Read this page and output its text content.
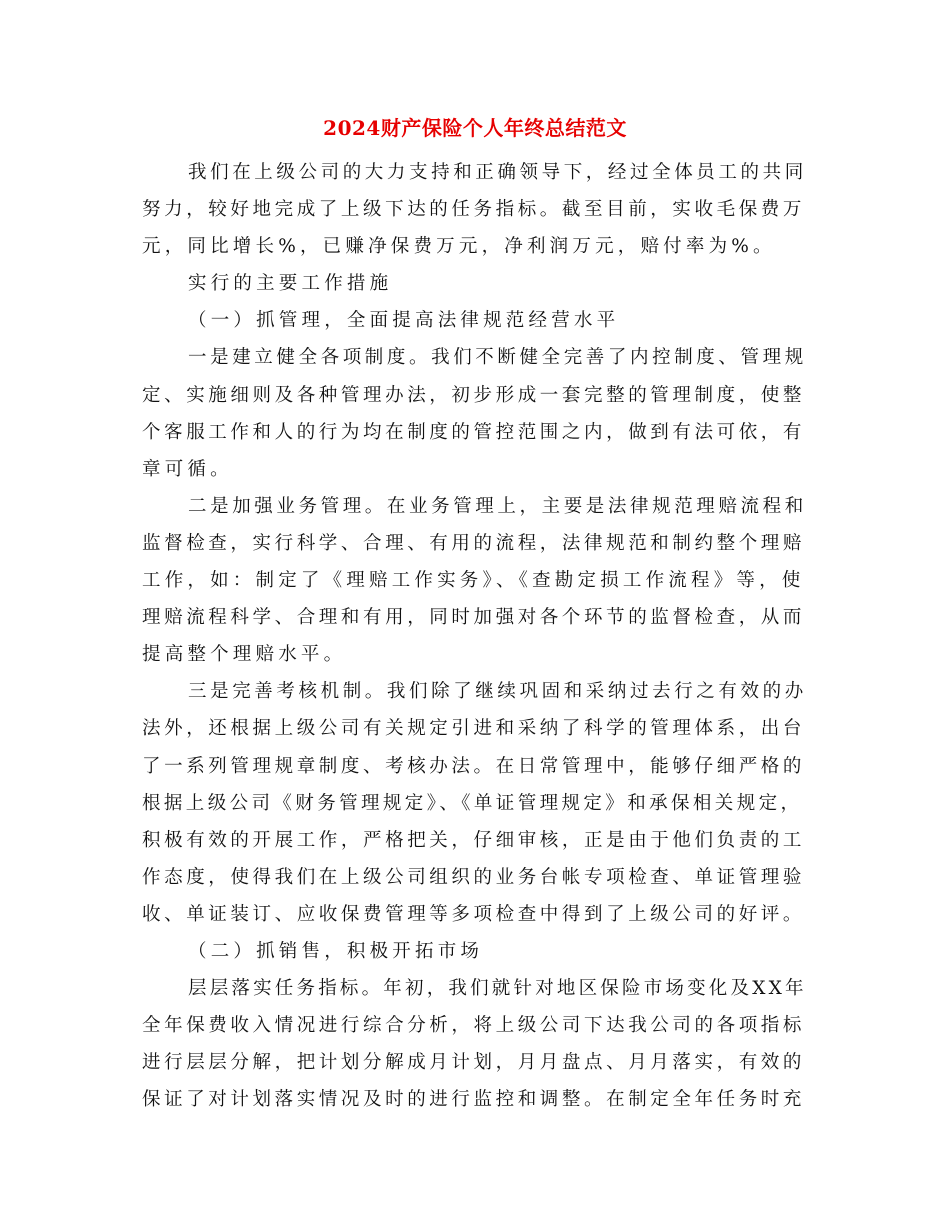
2024财产保险个人年终总结范文
我们在上级公司的大力支持和正确领导下，经过全体员工的共同
努力，较好地完成了上级下达的任务指标。截至目前，实收毛保费万
元，同比增长%，已赚净保费万元，净利润万元，赔付率为%。
实行的主要工作措施
（一）抓管理，全面提高法律规范经营水平
一是建立健全各项制度。我们不断健全完善了内控制度、管理规
定、实施细则及各种管理办法，初步形成一套完整的管理制度，使整
个客服工作和人的行为均在制度的管控范围之内，做到有法可依，有
章可循。
二是加强业务管理。在业务管理上，主要是法律规范理赔流程和
监督检查，实行科学、合理、有用的流程，法律规范和制约整个理赔
工作，如：制定了《理赔工作实务》、《查勘定损工作流程》等，使
理赔流程科学、合理和有用，同时加强对各个环节的监督检查，从而
提高整个理赔水平。
三是完善考核机制。我们除了继续巩固和采纳过去行之有效的办
法外，还根据上级公司有关规定引进和采纳了科学的管理体系，出台
了一系列管理规章制度、考核办法。在日常管理中，能够仔细严格的
根据上级公司《财务管理规定》、《单证管理规定》和承保相关规定，
积极有效的开展工作，严格把关，仔细审核，正是由于他们负责的工
作态度，使得我们在上级公司组织的业务台帐专项检查、单证管理验
收、单证装订、应收保费管理等多项检查中得到了上级公司的好评。
（二）抓销售，积极开拓市场
层层落实任务指标。年初，我们就针对地区保险市场变化及XX年
全年保费收入情况进行综合分析，将上级公司下达我公司的各项指标
进行层层分解，把计划分解成月计划，月月盘点、月月落实，有效的
保证了对计划落实情况及时的进行监控和调整。在制定全年任务时充
